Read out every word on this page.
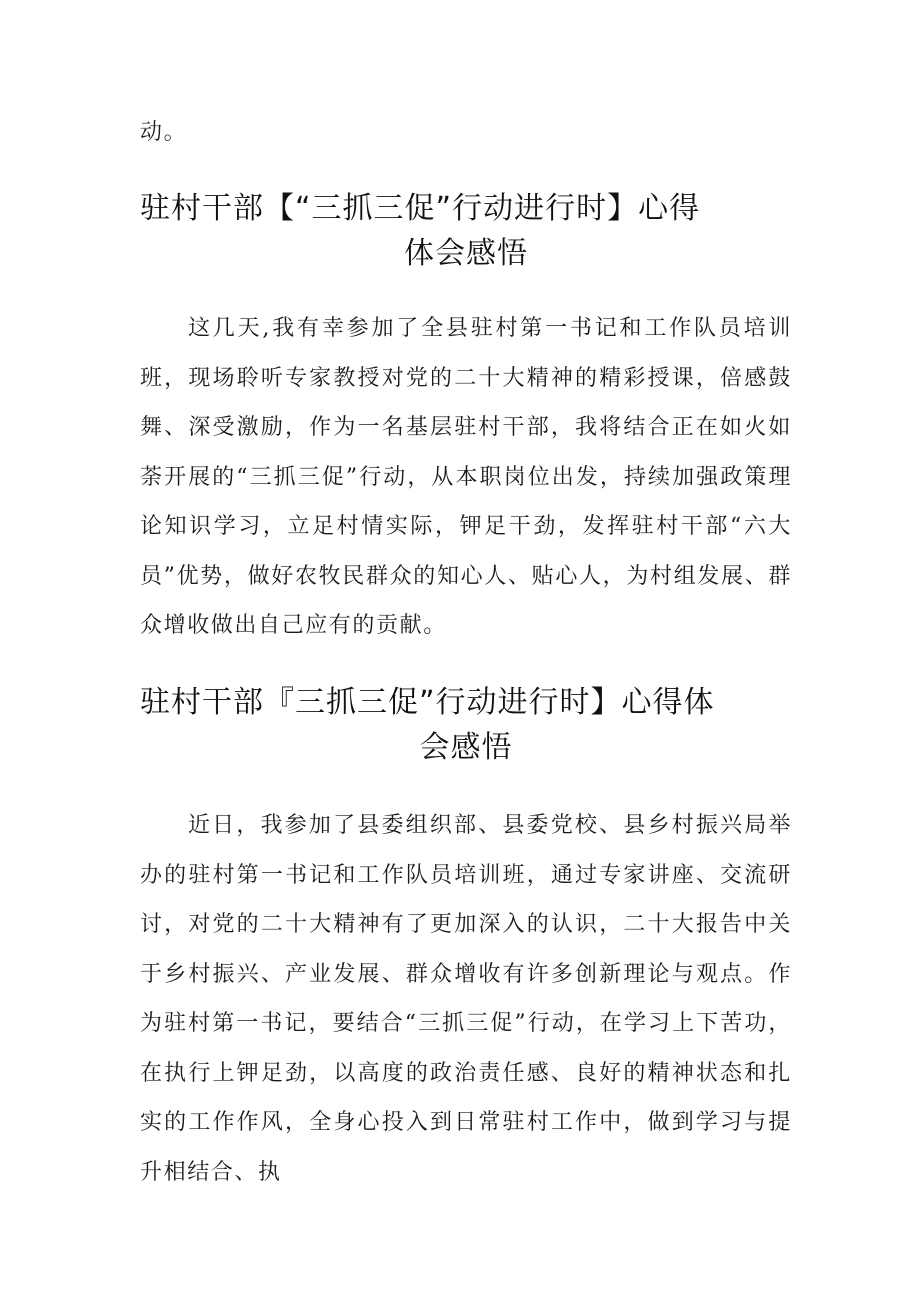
动。

驻村干部【“三抓三促”行动进行时】心得
体会感悟

这几天,我有幸参加了全县驻村第一书记和工作队员培训班，现场聆听专家教授对党的二十大精神的精彩授课，倍感鼓舞、深受激励，作为一名基层驻村干部，我将结合正在如火如荼开展的“三抓三促”行动，从本职岗位出发，持续加强政策理论知识学习，立足村情实际，钾足干劲，发挥驻村干部“六大员”优势，做好农牧民群众的知心人、贴心人，为村组发展、群众增收做出自己应有的贡献。

驻村干部『三抓三促”行动进行时】心得体
会感悟

近日，我参加了县委组织部、县委党校、县乡村振兴局举办的驻村第一书记和工作队员培训班，通过专家讲座、交流研讨，对党的二十大精神有了更加深入的认识，二十大报告中关于乡村振兴、产业发展、群众增收有许多创新理论与观点。作为驻村第一书记，要结合“三抓三促”行动，在学习上下苦功，在执行上钾足劲，以高度的政治责任感、良好的精神状态和扎实的工作作风，全身心投入到日常驻村工作中，做到学习与提升相结合、执
